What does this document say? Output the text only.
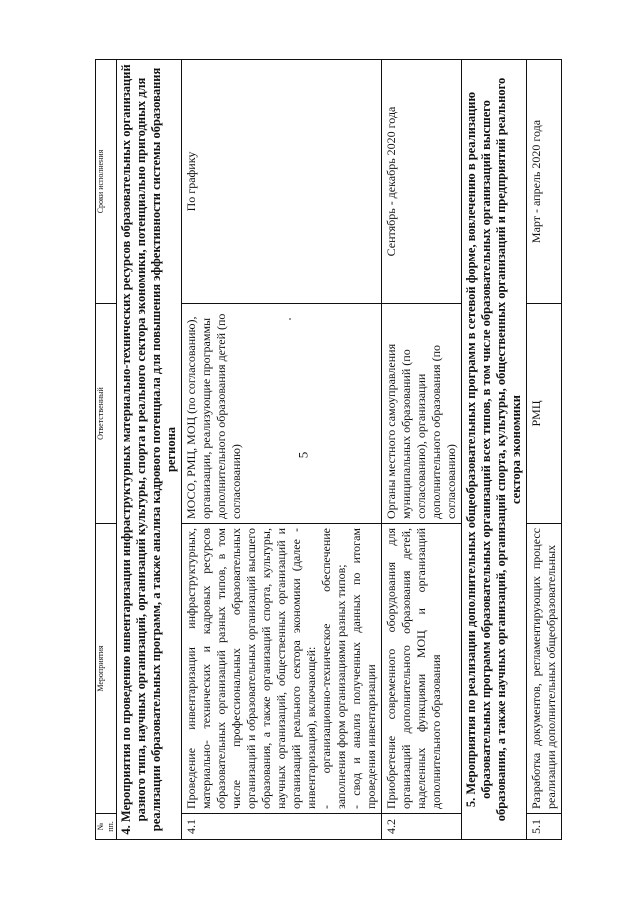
5
№ пп.	Мероприятия	Ответственный	Сроки исполнения
4. Мероприятия по проведению инвентаризации инфраструктурных материально-технических ресурсов образовательных организаций разного типа, научных организаций, организаций культуры, спорта и реального сектора экономики, потенциально пригодных для реализации образовательных программ, а также анализа кадрового потенциала для повышения эффективности системы образования региона			
4.1	Проведение инвентаризации инфраструктурных, материально- технических и кадровых ресурсов образовательных организаций разных типов, в том числе профессиональных образовательных организаций и образовательных организаций высшего образования, а также организаций спорта, культуры, научных организаций, общественных организаций и организаций реального сектора экономики (далее - инвентаризация), включающей: - организационно-техническое обеспечение заполнения форм организациями разных типов; - свод и анализ полученных данных по итогам проведения инвентаризации	МОСО, РМЦ, МОЦ (по согласованию), организации, реализующие программы дополнительного образования детей (по согласованию)	По графику
4.2	Приобретение современного оборудования для организаций дополнительного образования детей, наделенных функциями МОЦ и организаций дополнительного образования	Органы местного самоуправления муниципальных образований (по согласованию), организации дополнительного образования (по согласованию)	Сентябрь - декабрь 2020 года
5. Мероприятия по реализации дополнительных общеобразовательных программ в сетевой форме, вовлечению в реализацию образовательных программ образовательных организаций всех типов, в том числе образовательных организаций высшего образования, а также научных организаций, организаций спорта, культуры, общественных организаций и предприятий реального сектора экономики			
5.1	Разработка документов, регламентирующих процесс реализации дополнительных общеобразовательных	РМЦ	Март - апрель 2020 года
